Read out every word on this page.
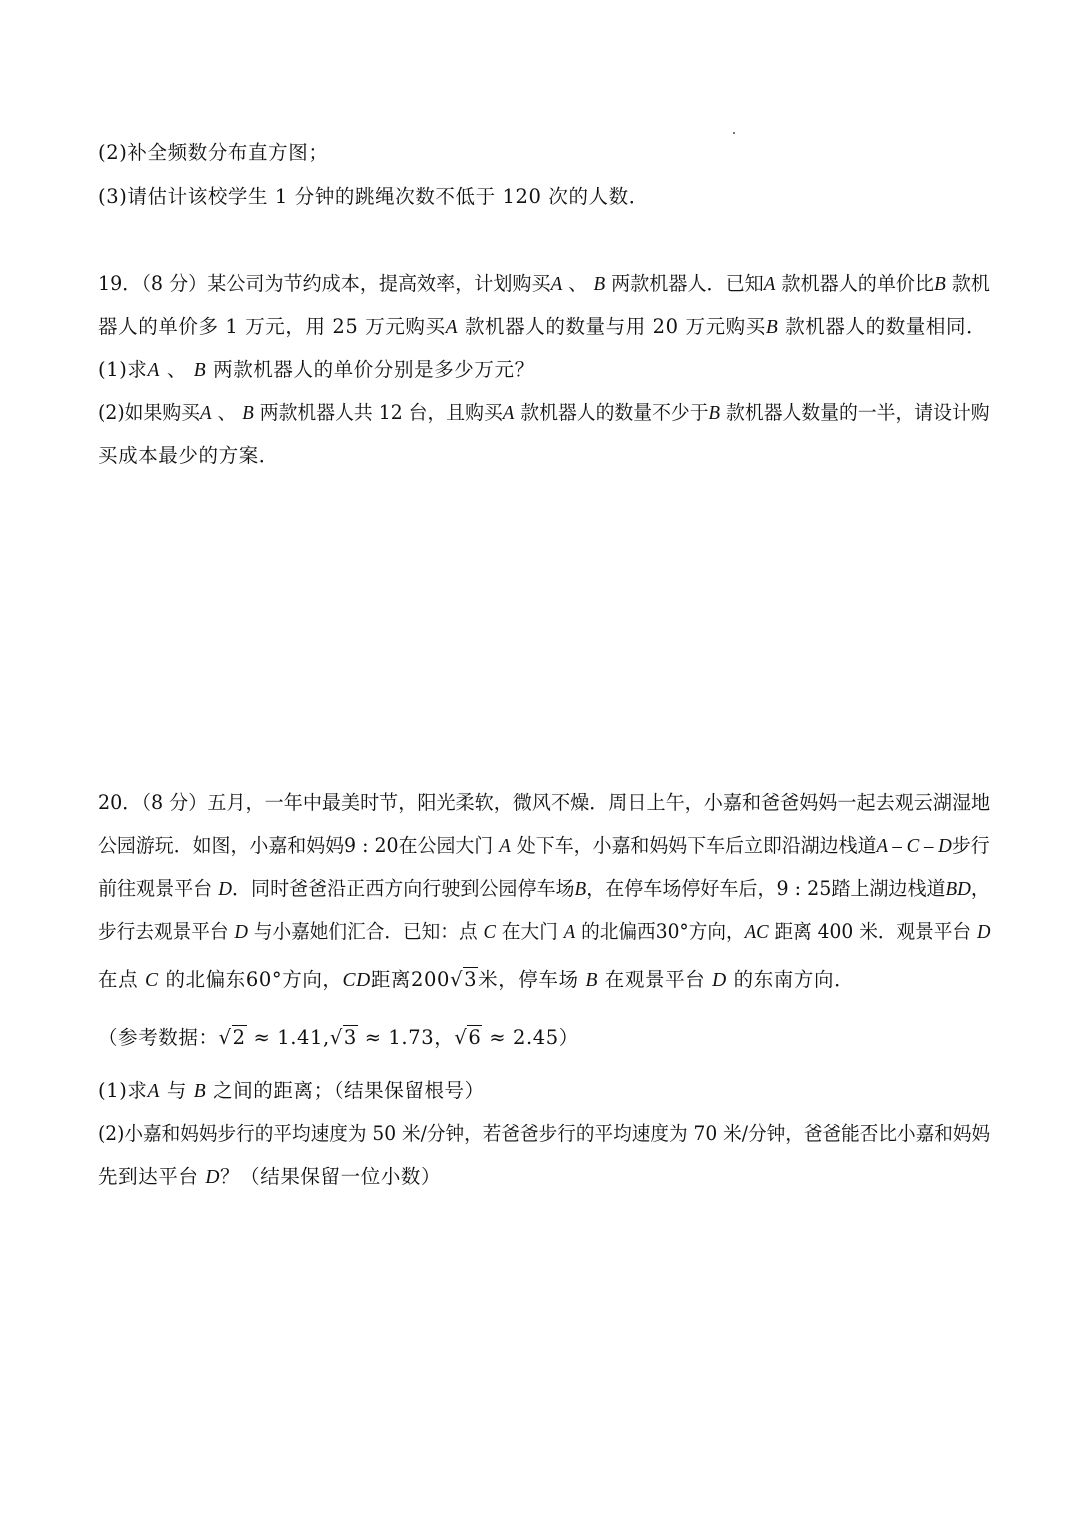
(2)补全频数分布直方图；
(3)请估计该校学生 1 分钟的跳绳次数不低于 120 次的人数．
19．（8 分）某公司为节约成本，提高效率，计划购买A 、 B 两款机器人．已知A 款机器人的单价比B 款机
器人的单价多 1 万元，用 25 万元购买A 款机器人的数量与用 20 万元购买B 款机器人的数量相同．
(1)求A 、 B 两款机器人的单价分别是多少万元？
(2)如果购买A 、 B 两款机器人共 12 台，且购买A 款机器人的数量不少于B 款机器人数量的一半，请设计购
买成本最少的方案．
20．（8 分）五月，一年中最美时节，阳光柔软，微风不燥．周日上午，小嘉和爸爸妈妈一起去观云湖湿地
公园游玩．如图，小嘉和妈妈9 : 20在公园大门 A 处下车，小嘉和妈妈下车后立即沿湖边栈道A – C – D步行
前往观景平台 D．同时爸爸沿正西方向行驶到公园停车场B，在停车场停好车后，9 : 25踏上湖边栈道BD，
步行去观景平台 D 与小嘉她们汇合．已知：点 C 在大门 A 的北偏西30°方向，AC 距离 400 米．观景平台 D
在点 C 的北偏东60°方向，CD距离200√3米，停车场 B 在观景平台 D 的东南方向．
（参考数据：√2 ≈ 1.41,√3 ≈ 1.73，√6 ≈ 2.45）
(1)求A 与 B 之间的距离；（结果保留根号）
(2)小嘉和妈妈步行的平均速度为 50 米/分钟，若爸爸步行的平均速度为 70 米/分钟，爸爸能否比小嘉和妈妈
先到达平台 D？（结果保留一位小数）
